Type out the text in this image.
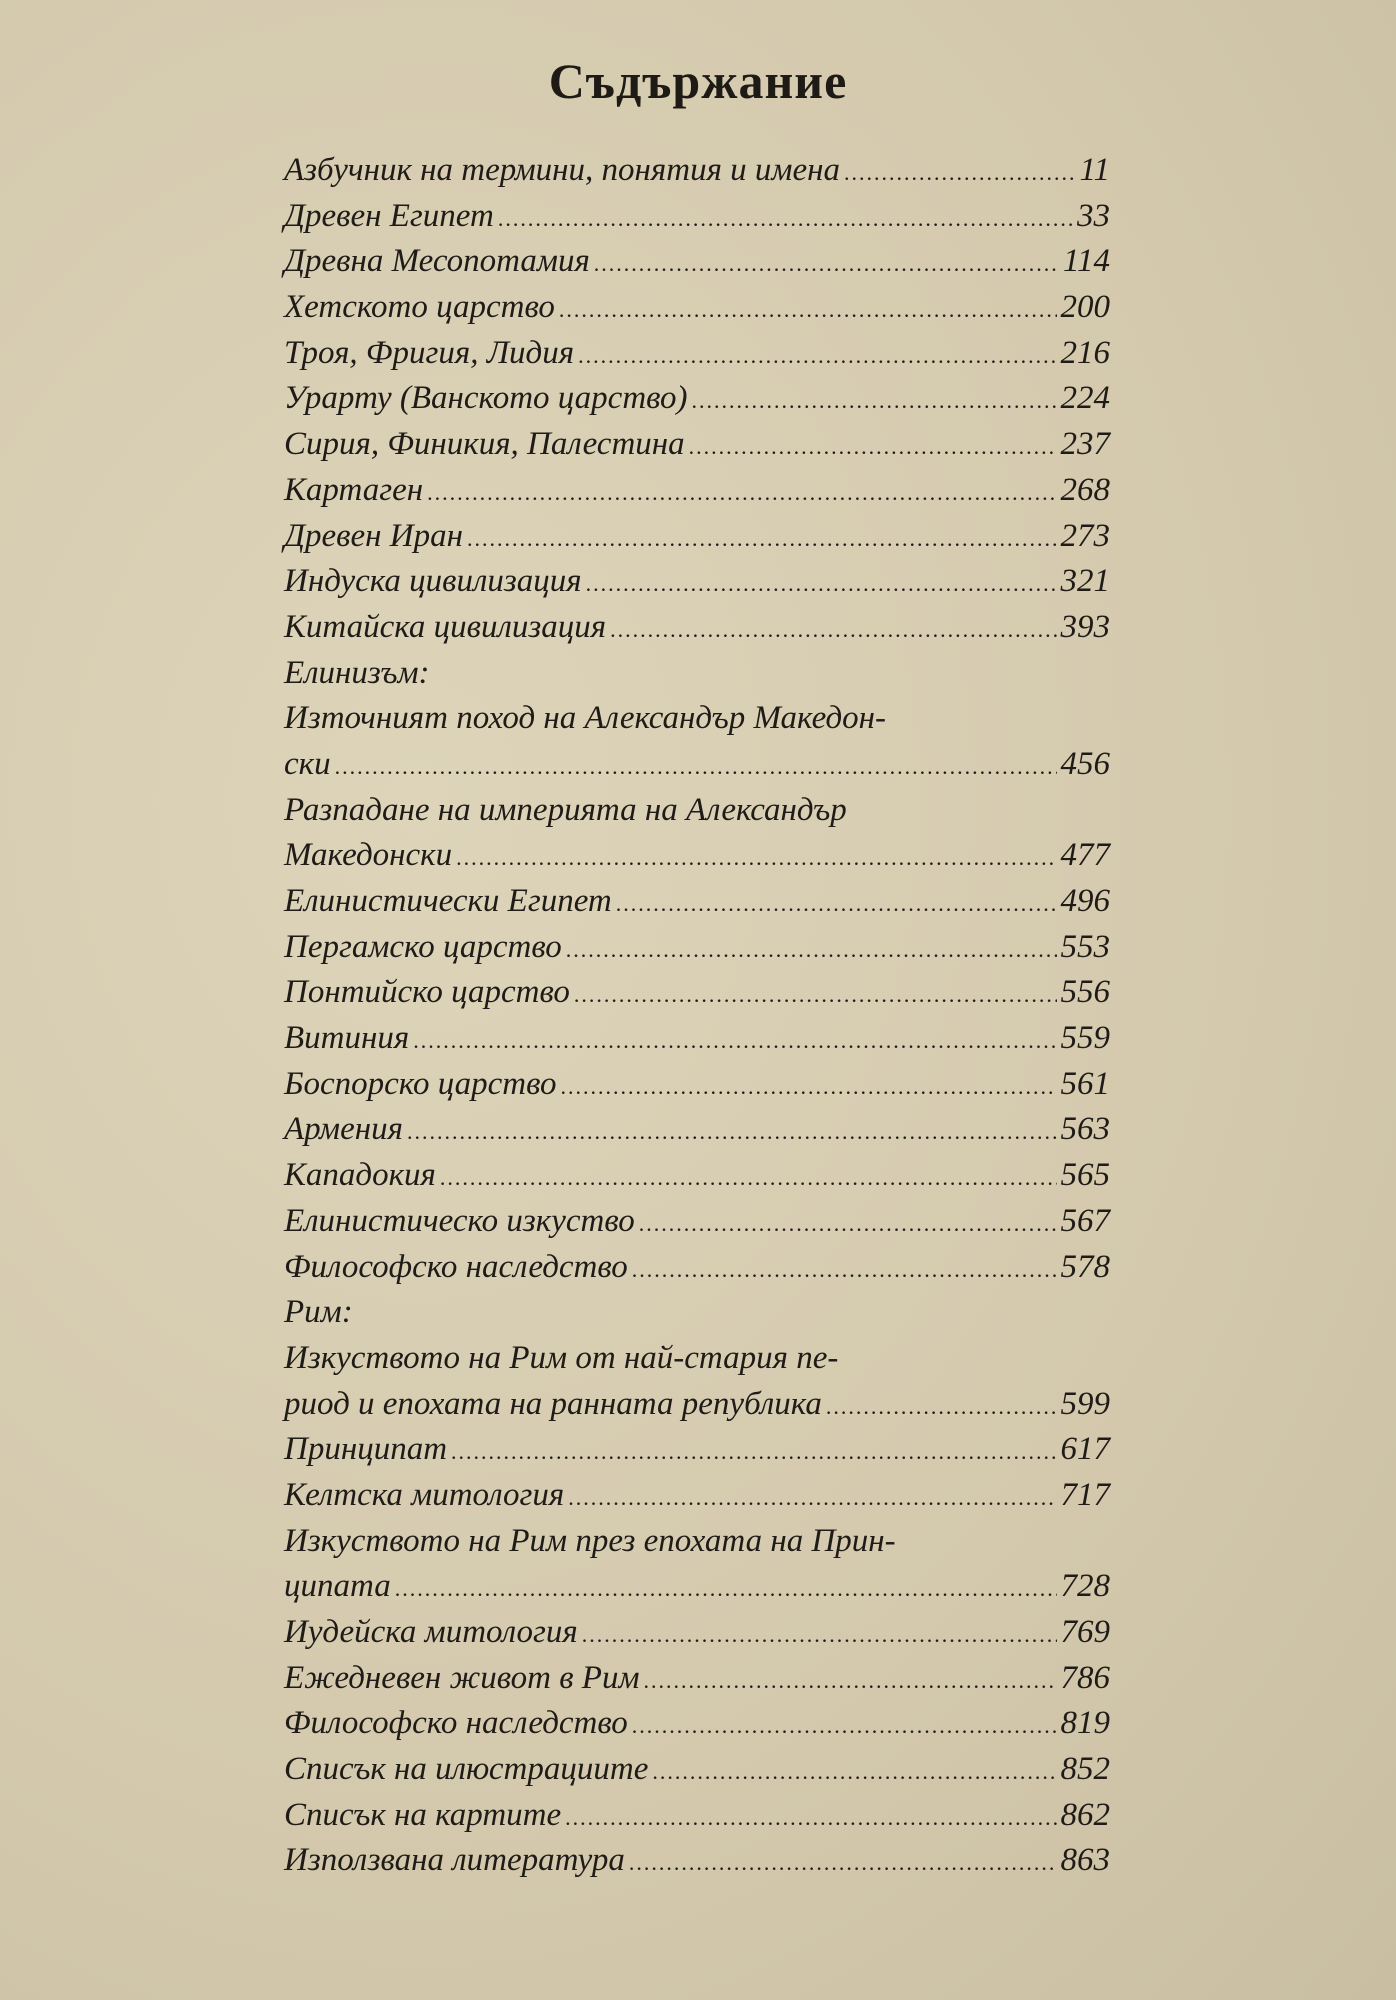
Съдържание
Азбучник на термини, понятия и имена .....	11
Древен Египет .....	33
Древна Месопотамия .....	114
Хетското царство .....	200
Троя, Фригия, Лидия .....	216
Урарту (Ванското царство) .....	224
Сирия, Финикия, Палестина .....	237
Картаген .....	268
Древен Иран .....	273
Индуска цивилизация .....	321
Китайска цивилизация .....	393
Елинизъм:
Източният поход на Александър Македон-
ски .....	456
Разпадане на империята на Александър
Македонски .....	477
Елинистически Египет .....	496
Пергамско царство .....	553
Понтийско царство .....	556
Витиния .....	559
Боспорско царство .....	561
Армения .....	563
Кападокия .....	565
Елинистическо изкуство .....	567
Философско наследство .....	578
Рим:
Изкуството на Рим от най-стария пе-
риод и епохата на ранната република .....	599
Принципат .....	617
Келтска митология .....	717
Изкуството на Рим през епохата на Прин-
ципата .....	728
Иудейска митология .....	769
Ежедневен живот в Рим .....	786
Философско наследство .....	819
Списък на илюстрациите .....	852
Списък на картите .....	862
Използвана литература .....	863
